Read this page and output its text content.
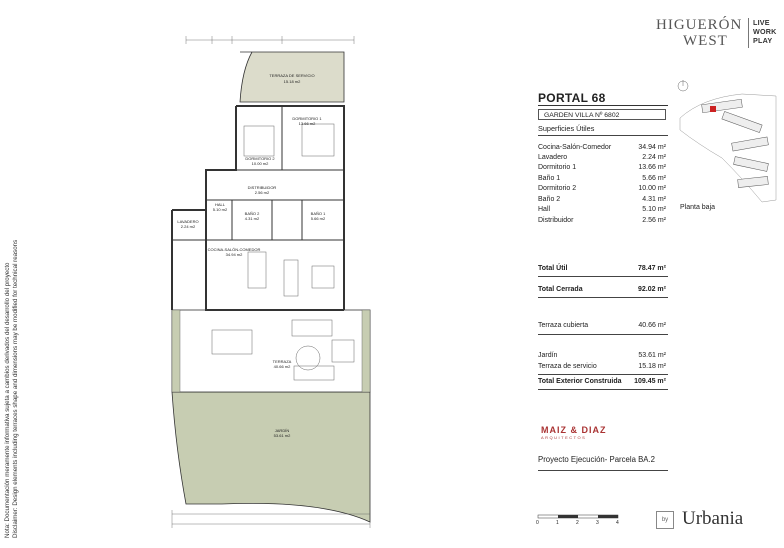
Nota: Documentación meramente informativa sujeta a cambios derivados del desarrollo del proyecto Disclaimer: Design elements including terraces shape and dimensions may be modified for technical reasons
TERRAZA DE SERVICIO
15.18 m2
DORMITORIO 1
13.66 m2
DORMITORIO 2
10.00 m2
DISTRIBUIDOR
2.56 m2
HALL
5.10 m2
BAÑO 2
4.31 m2
BAÑO 1
5.66 m2
LAVADERO
2.24 m2
COCINA-SALÓN-COMEDOR
34.94 m2
TERRAZA
40.66 m2
JARDÍN
53.61 m2
HIGUERÓN
WEST
LIVE
WORK
PLAY
PORTAL 68
GARDEN VILLA Nº 6802
Superficies Útiles
Cocina-Salón-Comedor	34.94 m²
Lavadero	2.24 m²
Dormitorio 1	13.66 m²
Baño 1	5.66 m²
Dormitorio 2	10.00 m²
Baño 2	4.31 m²
Hall	5.10 m²
Distribuidor	2.56 m²
Total Útil	78.47 m²
Total Cerrada	92.02 m²
Terraza cubierta	40.66 m²
Jardín	53.61 m²
Terraza de servicio	15.18 m²
Total Exterior Construida 109.45 m²
Planta baja
MAIZ & DIAZ
ARQUITECTOS
Proyecto Ejecución- Parcela BA.2
0	1	2	3	4	by Urbania
